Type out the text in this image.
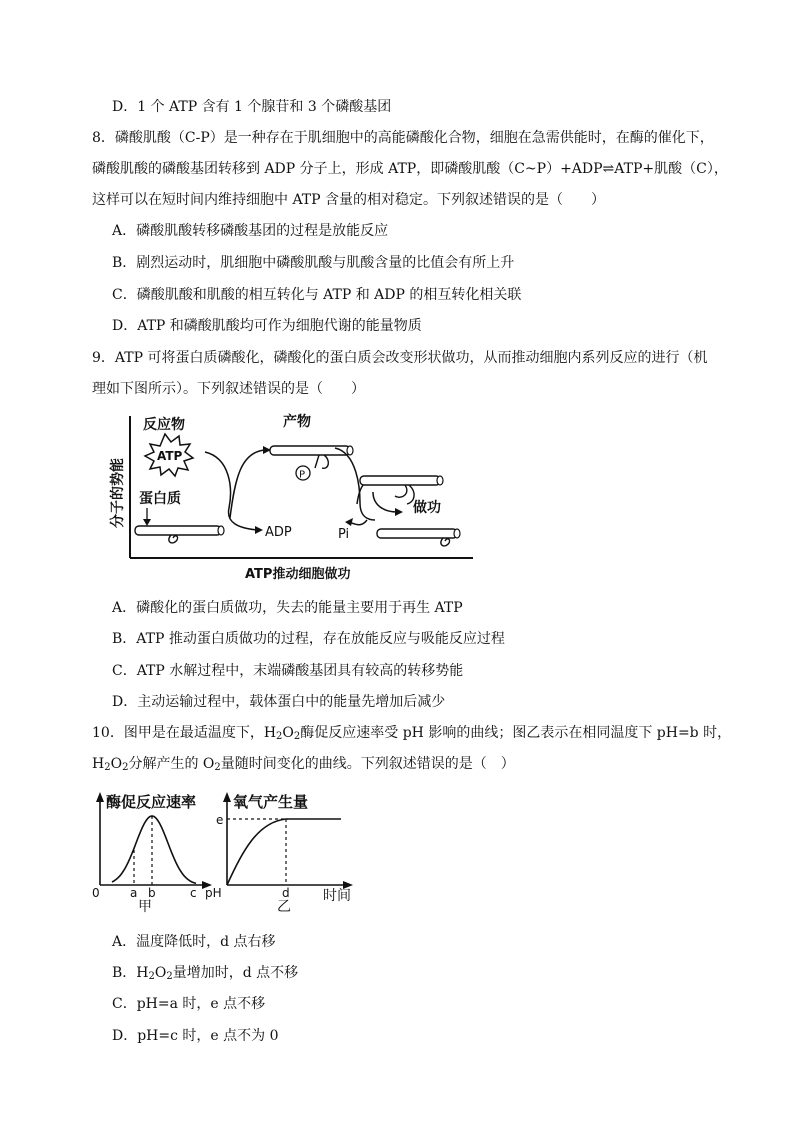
D．1 个 ATP 含有 1 个腺苷和 3 个磷酸基团
8．磷酸肌酸（C-P）是一种存在于肌细胞中的高能磷酸化合物，细胞在急需供能时，在酶的催化下，
磷酸肌酸的磷酸基团转移到 ADP 分子上，形成 ATP，即磷酸肌酸（C~P）+ADP⇌ATP+肌酸（C），
这样可以在短时间内维持细胞中 ATP 含量的相对稳定。下列叙述错误的是（　　）
A．磷酸肌酸转移磷酸基团的过程是放能反应
B．剧烈运动时，肌细胞中磷酸肌酸与肌酸含量的比值会有所上升
C．磷酸肌酸和肌酸的相互转化与 ATP 和 ADP 的相互转化相关联
D．ATP 和磷酸肌酸均可作为细胞代谢的能量物质
9．ATP 可将蛋白质磷酸化，磷酸化的蛋白质会改变形状做功，从而推动细胞内系列反应的进行（机
理如下图所示）。下列叙述错误的是（　　）
分子的势能
ATP推动细胞做功
反应物
ATP
蛋白质
ADP
产物
P
Pi
做功
A．磷酸化的蛋白质做功，失去的能量主要用于再生 ATP
B．ATP 推动蛋白质做功的过程，存在放能反应与吸能反应过程
C．ATP 水解过程中，末端磷酸基团具有较高的转移势能
D．主动运输过程中，载体蛋白中的能量先增加后减少
10．图甲是在最适温度下，$H_2O_2$酶促反应速率受 pH 影响的曲线；图乙表示在相同温度下 pH=b 时，
$H_2O_2$分解产生的 $O_2$量随时间变化的曲线。下列叙述错误的是（　）
酶促反应速率
0	a b	c pH
甲
氧气产生量
e
d 时间
乙
A．温度降低时，d 点右移
B．$H_2O_2$量增加时，d 点不移
C．pH=a 时，e 点不移
D．pH=c 时，e 点不为 0
